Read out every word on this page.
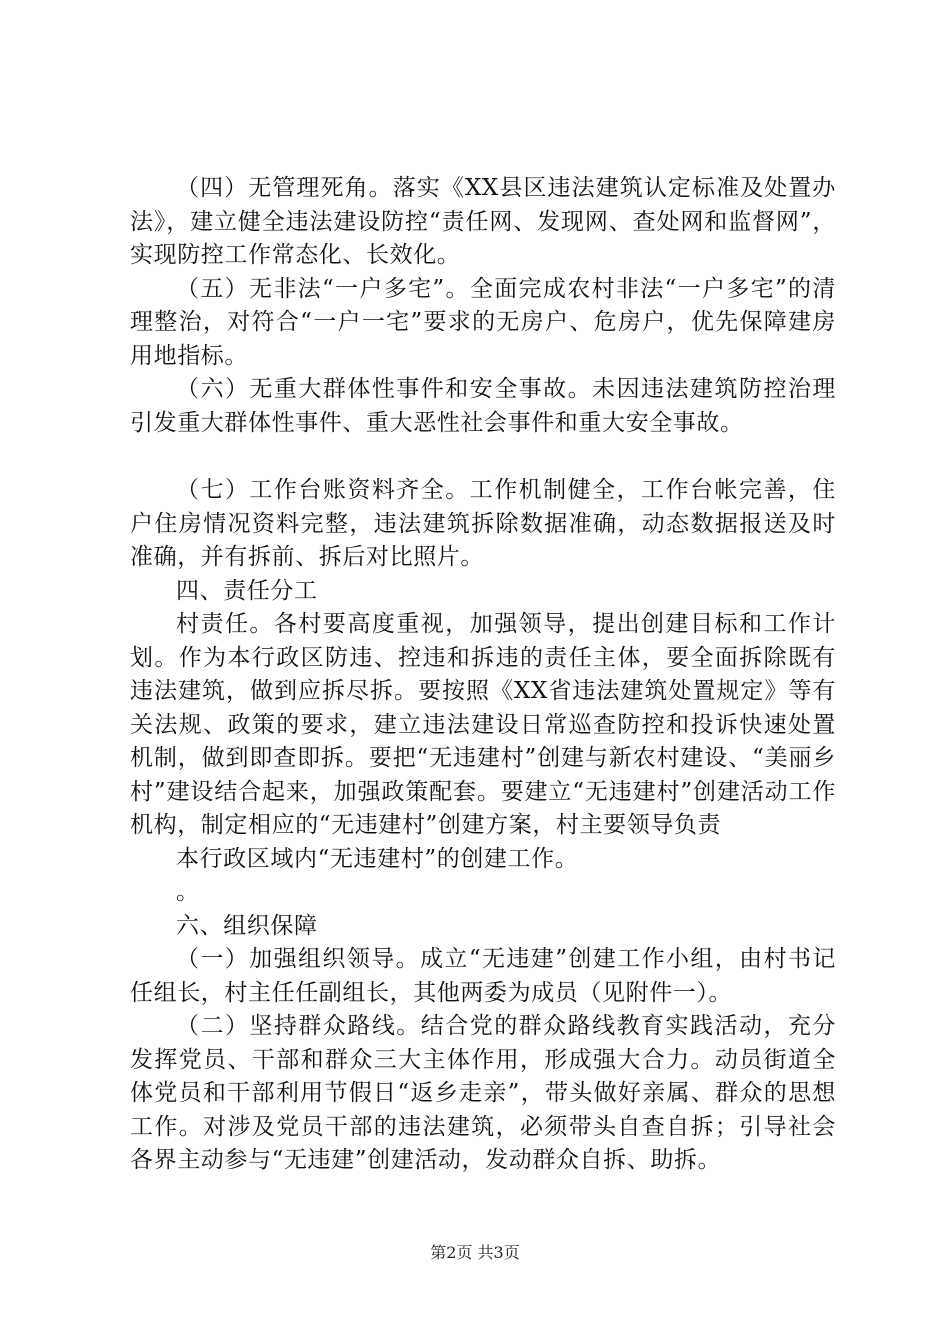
（四）无管理死角。落实《XX县区违法建筑认定标准及处置办法》，建立健全违法建设防控“责任网、发现网、查处网和监督网”，实现防控工作常态化、长效化。

（五）无非法“一户多宅”。全面完成农村非法“一户多宅”的清理整治，对符合“一户一宅”要求的无房户、危房户，优先保障建房用地指标。

（六）无重大群体性事件和安全事故。未因违法建筑防控治理引发重大群体性事件、重大恶性社会事件和重大安全事故。

（七）工作台账资料齐全。工作机制健全，工作台帐完善，住户住房情况资料完整，违法建筑拆除数据准确，动态数据报送及时准确，并有拆前、拆后对比照片。

四、责任分工

村责任。各村要高度重视，加强领导，提出创建目标和工作计划。作为本行政区防违、控违和拆违的责任主体，要全面拆除既有违法建筑，做到应拆尽拆。要按照《XX省违法建筑处置规定》等有关法规、政策的要求，建立违法建设日常巡查防控和投诉快速处置机制，做到即查即拆。要把“无违建村”创建与新农村建设、“美丽乡村”建设结合起来，加强政策配套。要建立“无违建村”创建活动工作机构，制定相应的“无违建村”创建方案，村主要领导负责

本行政区域内“无违建村”的创建工作。

。

六、组织保障

（一）加强组织领导。成立“无违建”创建工作小组，由村书记任组长，村主任任副组长，其他两委为成员（见附件一）。

（二）坚持群众路线。结合党的群众路线教育实践活动，充分发挥党员、干部和群众三大主体作用，形成强大合力。动员街道全体党员和干部利用节假日“返乡走亲”，带头做好亲属、群众的思想工作。对涉及党员干部的违法建筑，必须带头自查自拆；引导社会各界主动参与“无违建”创建活动，发动群众自拆、助拆。

第2页 共3页
